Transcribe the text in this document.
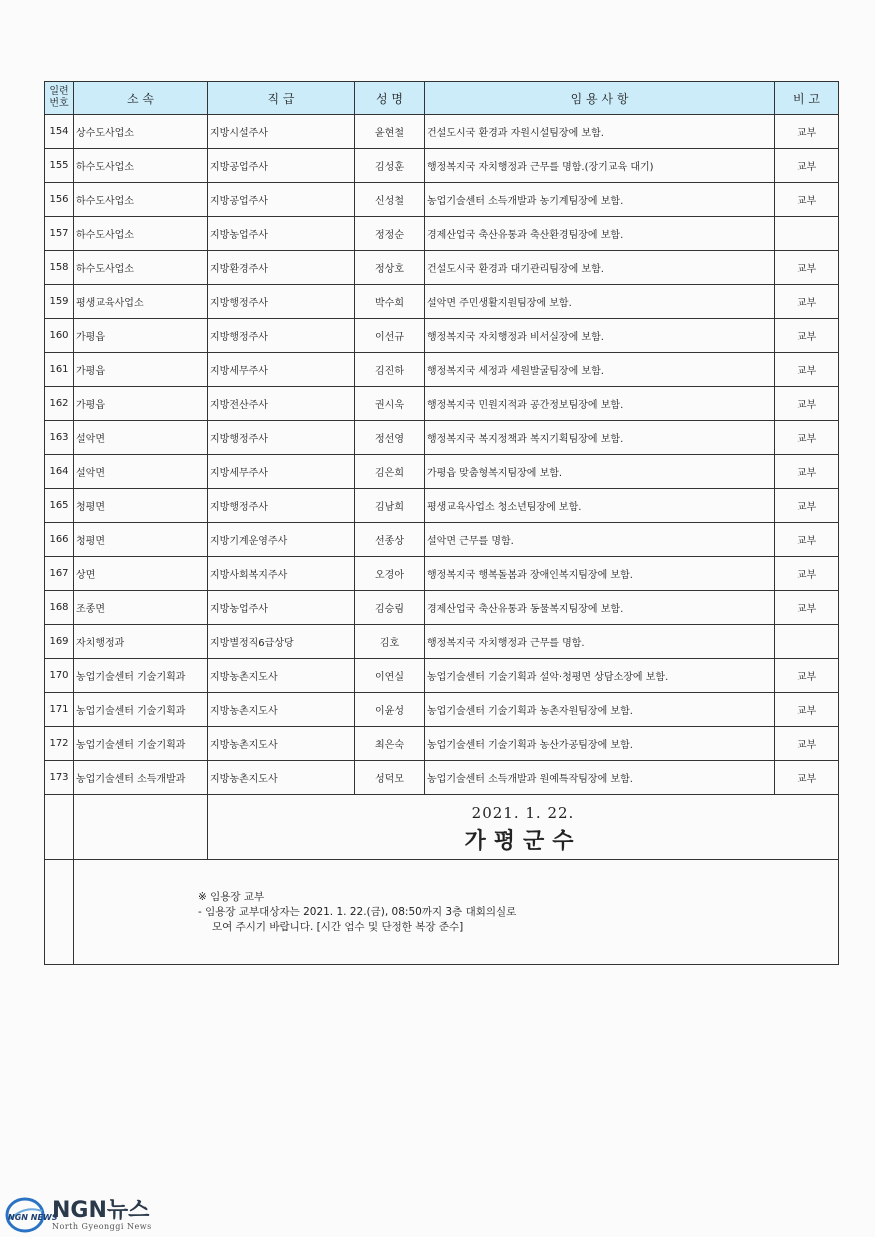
일련
번호	소 속	직 급	성 명	임 용 사 항	비 고
154	상수도사업소	지방시설주사	윤현철	건설도시국 환경과 자원시설팀장에 보함.	교부
155	하수도사업소	지방공업주사	김성훈	행정복지국 자치행정과 근무를 명함.(장기교육 대기)	교부
156	하수도사업소	지방공업주사	신성철	농업기술센터 소득개발과 농기계팀장에 보함.	교부
157	하수도사업소	지방농업주사	정정순	경제산업국 축산유통과 축산환경팀장에 보함.	
158	하수도사업소	지방환경주사	정상호	건설도시국 환경과 대기관리팀장에 보함.	교부
159	평생교육사업소	지방행정주사	박수희	설악면 주민생활지원팀장에 보함.	교부
160	가평읍	지방행정주사	이선규	행정복지국 자치행정과 비서실장에 보함.	교부
161	가평읍	지방세무주사	김진하	행정복지국 세정과 세원발굴팀장에 보함.	교부
162	가평읍	지방전산주사	권시욱	행정복지국 민원지적과 공간정보팀장에 보함.	교부
163	설악면	지방행정주사	정선영	행정복지국 복지정책과 복지기획팀장에 보함.	교부
164	설악면	지방세무주사	김은희	가평읍 맞춤형복지팀장에 보함.	교부
165	청평면	지방행정주사	김남희	평생교육사업소 청소년팀장에 보함.	교부
166	청평면	지방기계운영주사	선종상	설악면 근무를 명함.	교부
167	상면	지방사회복지주사	오경아	행정복지국 행복돌봄과 장애인복지팀장에 보함.	교부
168	조종면	지방농업주사	김승림	경제산업국 축산유통과 동물복지팀장에 보함.	교부
169	자치행정과	지방별정직6급상당	김호	행정복지국 자치행정과 근무를 명함.	
170	농업기술센터 기술기획과	지방농촌지도사	이연실	농업기술센터 기술기획과 설악·청평면 상담소장에 보함.	교부
171	농업기술센터 기술기획과	지방농촌지도사	이윤성	농업기술센터 기술기획과 농촌자원팀장에 보함.	교부
172	농업기술센터 기술기획과	지방농촌지도사	최은숙	농업기술센터 기술기획과 농산가공팀장에 보함.	교부
173	농업기술센터 소득개발과	지방농촌지도사	성덕모	농업기술센터 소득개발과 원예특작팀장에 보함.	교부

		2021. 1. 22.
가평군수			

	※ 임용장 교부
- 임용장 교부대상자는 2021. 1. 22.(금), 08:50까지 3층 대회의실로
모여 주시기 바랍니다. [시간 엄수 및 단정한 복장 준수]				
NGN NEWS
NGN뉴스
North Gyeonggi News
